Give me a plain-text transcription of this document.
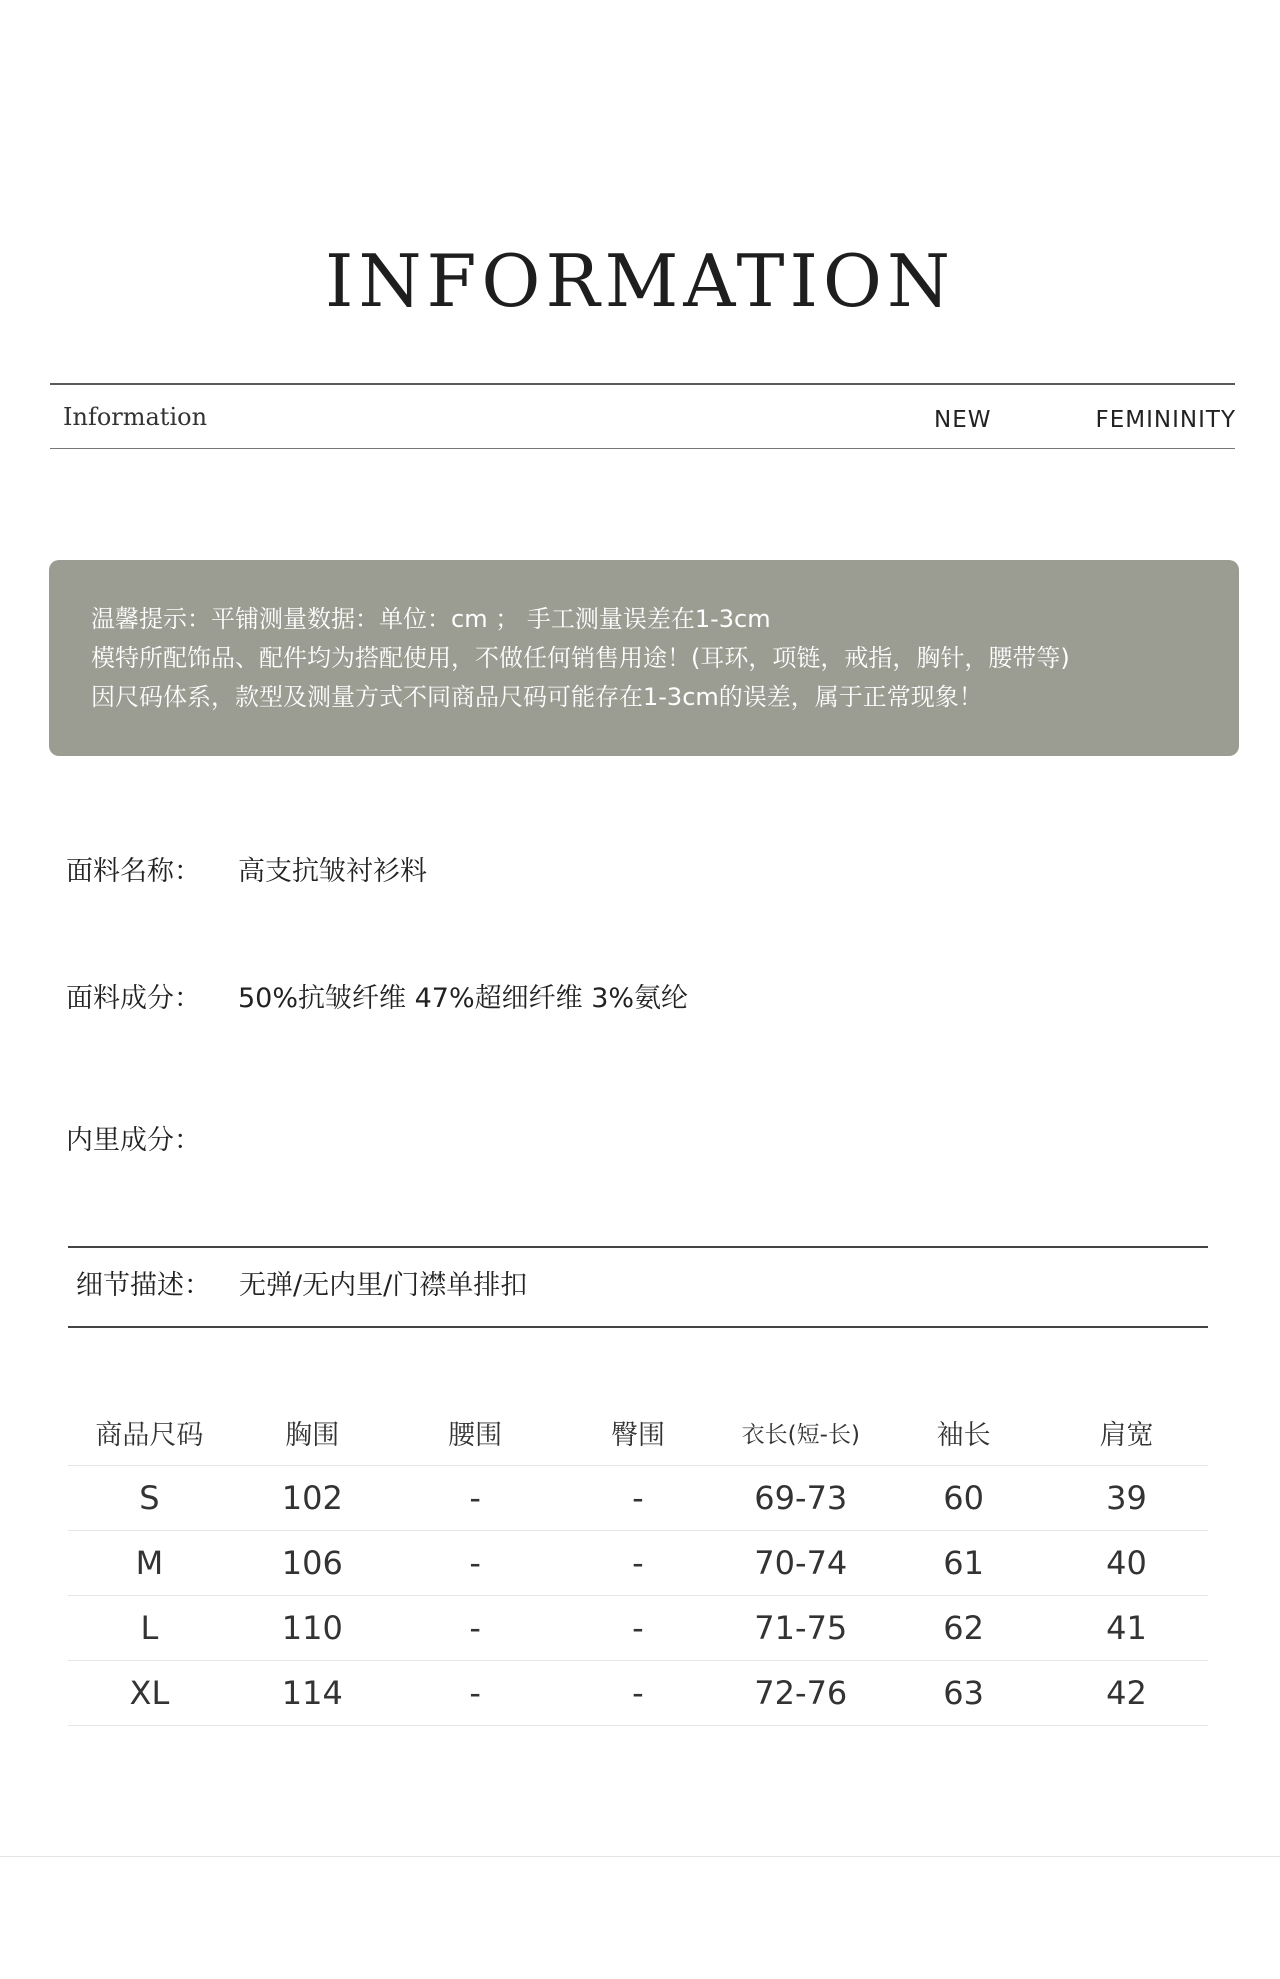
INFORMATION
Information	NEW	FEMININITY
温馨提示：平铺测量数据：单位：cm ； 手工测量误差在1-3cm
模特所配饰品、配件均为搭配使用，不做任何销售用途！(耳环，项链，戒指，胸针，腰带等)
因尺码体系，款型及测量方式不同商品尺码可能存在1-3cm的误差，属于正常现象！
面料名称： 高支抗皱衬衫料
面料成分： 50%抗皱纤维 47%超细纤维 3%氨纶
内里成分：
细节描述： 无弹/无内里/门襟单排扣
商品尺码	胸围	腰围	臀围	衣长(短-长)	袖长	肩宽
S	102	-	-	69-73	60	39
M	106	-	-	70-74	61	40
L	110	-	-	71-75	62	41
XL	114	-	-	72-76	63	42
